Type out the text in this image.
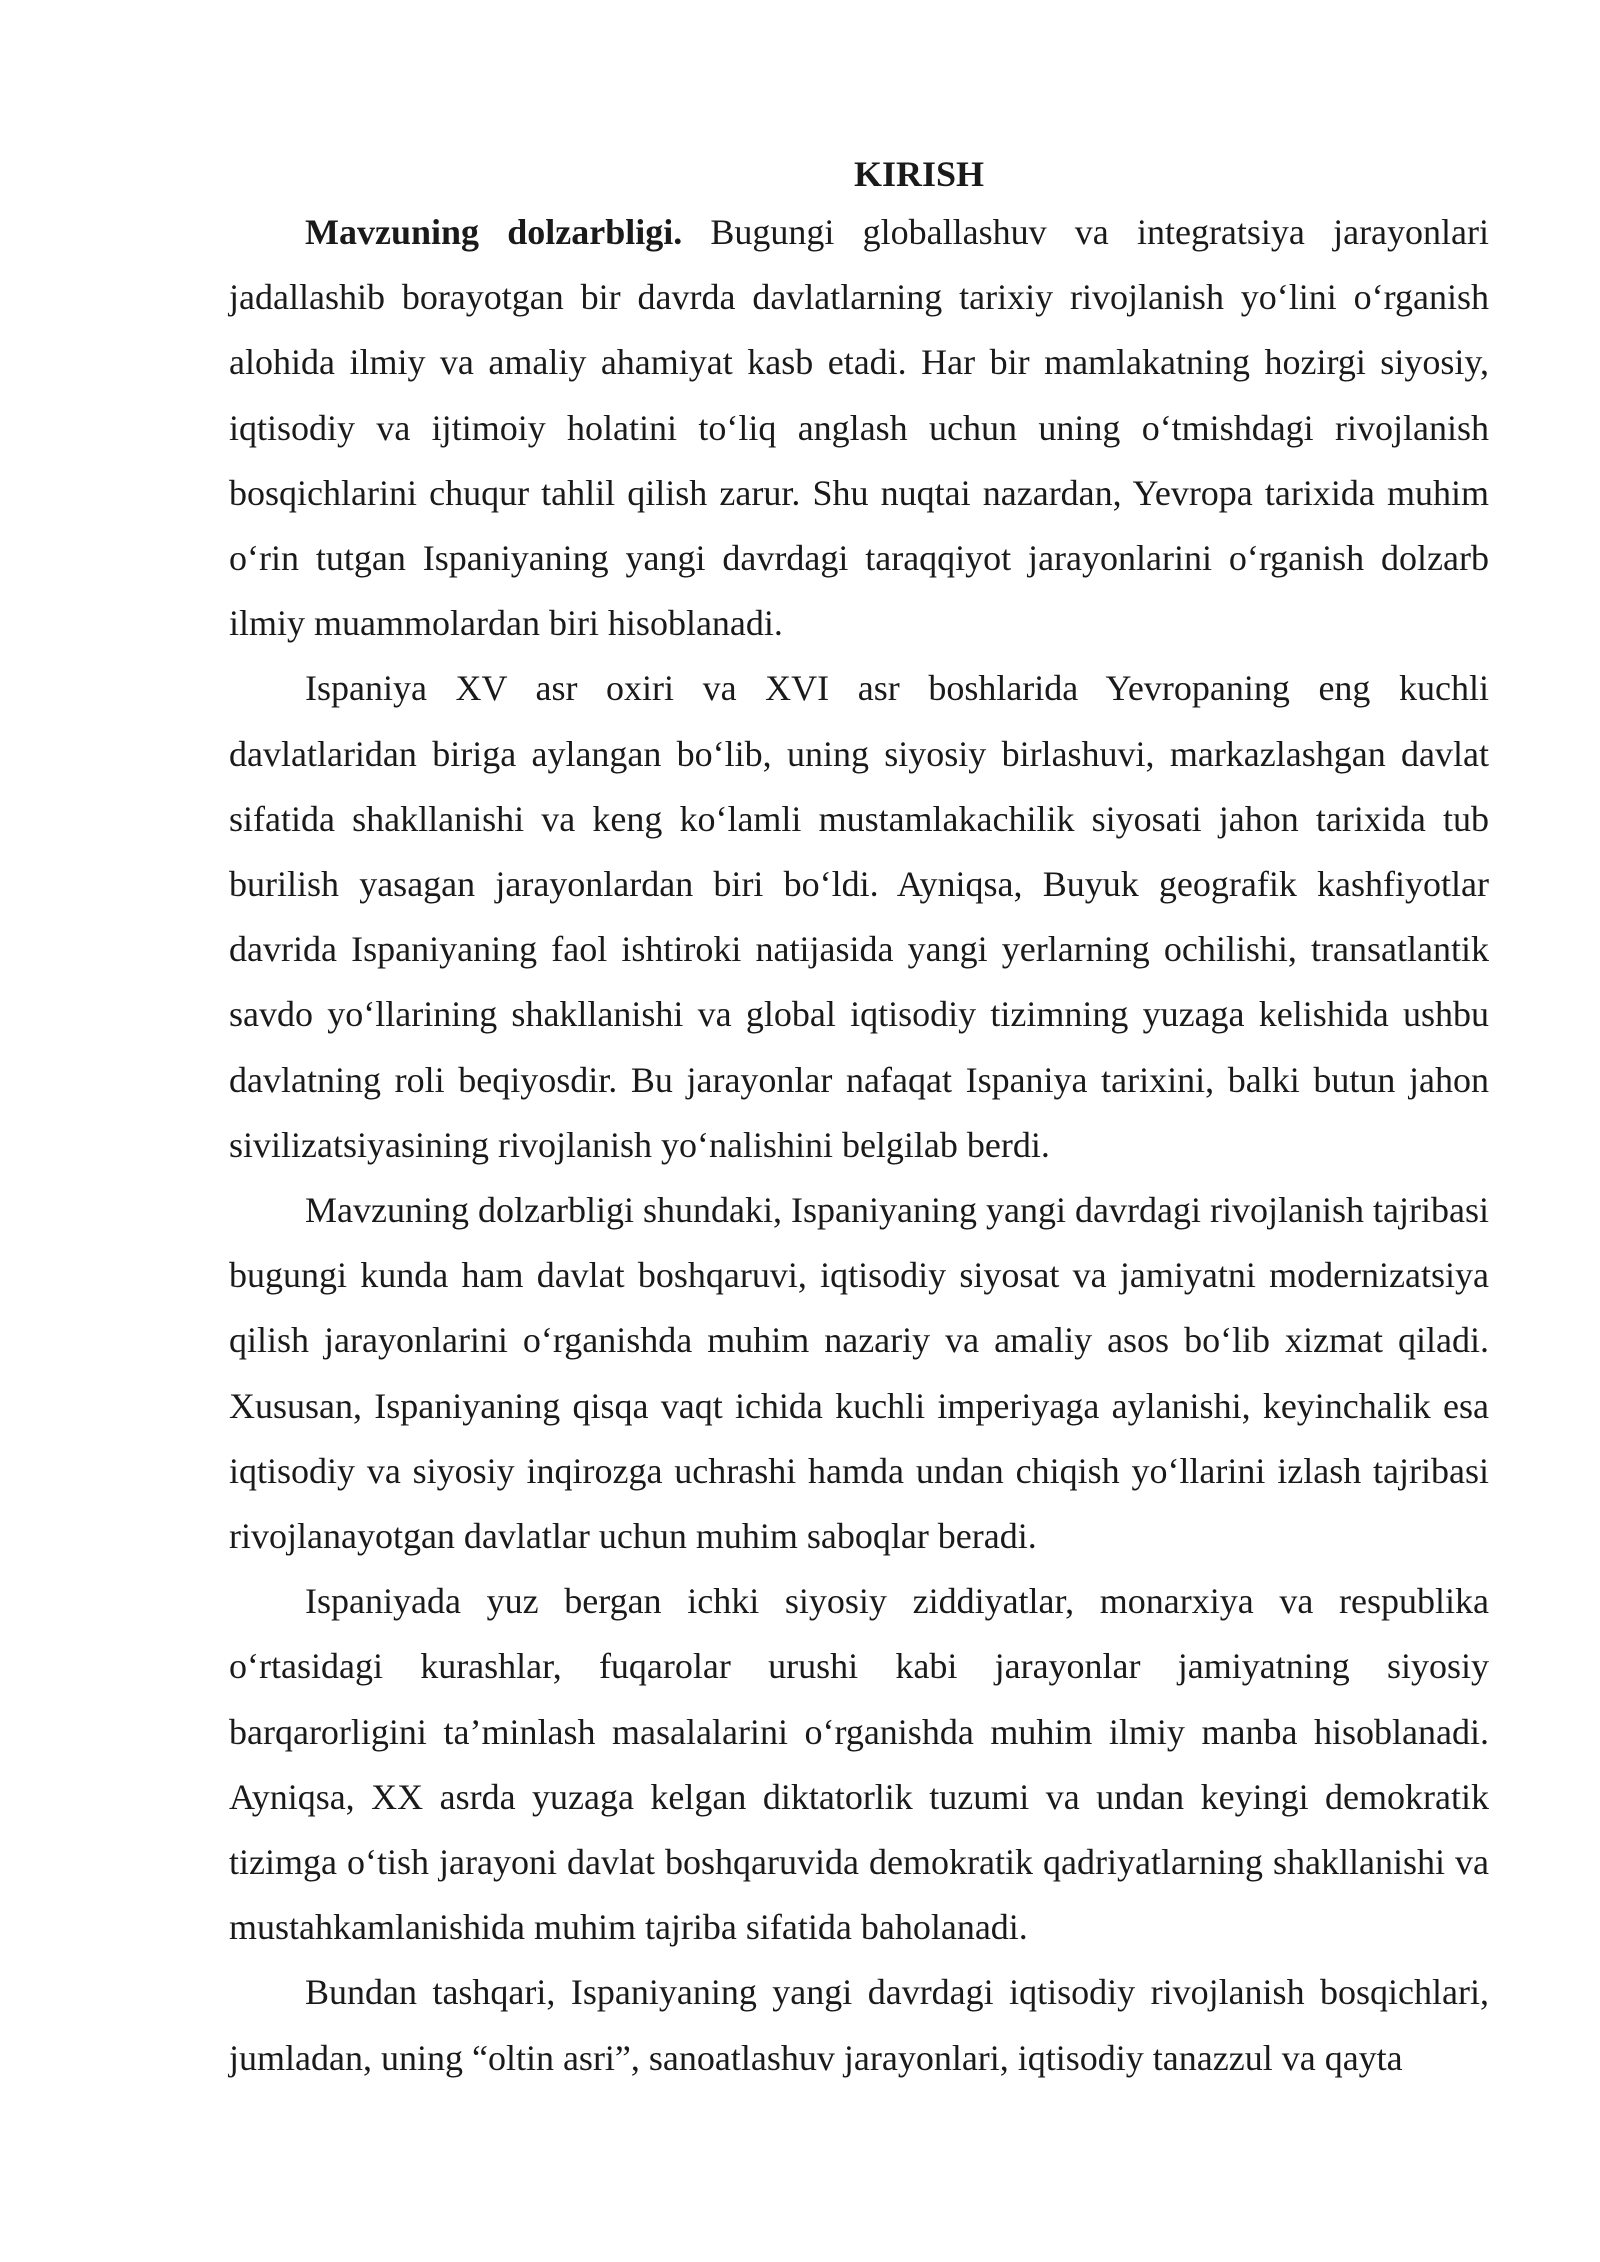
KIRISH

Mavzuning dolzarbligi. Bugungi globallashuv va integratsiya jarayonlari jadallashib borayotgan bir davrda davlatlarning tarixiy rivojlanish yo‘lini o‘rganish alohida ilmiy va amaliy ahamiyat kasb etadi. Har bir mamlakatning hozirgi siyosiy, iqtisodiy va ijtimoiy holatini to‘liq anglash uchun uning o‘tmishdagi rivojlanish bosqichlarini chuqur tahlil qilish zarur. Shu nuqtai nazardan, Yevropa tarixida muhim o‘rin tutgan Ispaniyaning yangi davrdagi taraqqiyot jarayonlarini o‘rganish dolzarb ilmiy muammolardan biri hisoblanadi.

Ispaniya XV asr oxiri va XVI asr boshlarida Yevropaning eng kuchli davlatlaridan biriga aylangan bo‘lib, uning siyosiy birlashuvi, markazlashgan davlat sifatida shakllanishi va keng ko‘lamli mustamlakachilik siyosati jahon tarixida tub burilish yasagan jarayonlardan biri bo‘ldi. Ayniqsa, Buyuk geografik kashfiyotlar davrida Ispaniyaning faol ishtiroki natijasida yangi yerlarning ochilishi, transatlantik savdo yo‘llarining shakllanishi va global iqtisodiy tizimning yuzaga kelishida ushbu davlatning roli beqiyosdir. Bu jarayonlar nafaqat Ispaniya tarixini, balki butun jahon sivilizatsiyasining rivojlanish yo‘nalishini belgilab berdi.

Mavzuning dolzarbligi shundaki, Ispaniyaning yangi davrdagi rivojlanish tajribasi bugungi kunda ham davlat boshqaruvi, iqtisodiy siyosat va jamiyatni modernizatsiya qilish jarayonlarini o‘rganishda muhim nazariy va amaliy asos bo‘lib xizmat qiladi. Xususan, Ispaniyaning qisqa vaqt ichida kuchli imperiyaga aylanishi, keyinchalik esa iqtisodiy va siyosiy inqirozga uchrashi hamda undan chiqish yo‘llarini izlash tajribasi rivojlanayotgan davlatlar uchun muhim saboqlar beradi.

Ispaniyada yuz bergan ichki siyosiy ziddiyatlar, monarxiya va respublika o‘rtasidagi kurashlar, fuqarolar urushi kabi jarayonlar jamiyatning siyosiy barqarorligini ta’minlash masalalarini o‘rganishda muhim ilmiy manba hisoblanadi. Ayniqsa, XX asrda yuzaga kelgan diktatorlik tuzumi va undan keyingi demokratik tizimga o‘tish jarayoni davlat boshqaruvida demokratik qadriyatlarning shakllanishi va mustahkamlanishida muhim tajriba sifatida baholanadi.

Bundan tashqari, Ispaniyaning yangi davrdagi iqtisodiy rivojlanish bosqichlari, jumladan, uning “oltin asri”, sanoatlashuv jarayonlari, iqtisodiy tanazzul va qayta
